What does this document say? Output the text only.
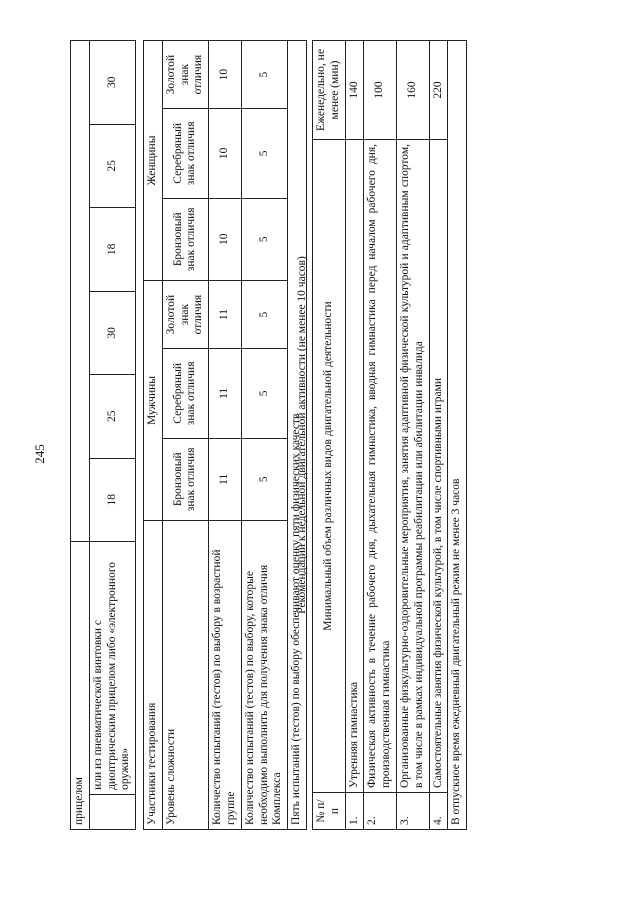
245
прицелом							
	или из пневматической винтовки с диоптрическим прицелом либо «электронного оружия»	18	25	30	18	25	30
Участники тестирования	Мужчины			Женщины		
Уровень сложности	Бронзовый знак отличия	Серебряный знак отличия	Золотой знак отличия	Бронзовый знак отличия	Серебряный знак отличия	Золотой знак отличия
Количество испытаний (тестов) по выбору в возрастной группе	11	11	11	10	10	10
Количество испытаний (тестов) по выбору, которые необходимо выполнить для получения знака отличия Комплекса	5	5	5	5	5	5
Пять испытаний (тестов) по выбору обеспечивают оценку пяти физических качеств						
Рекомендации к недельной двигательной активности (не менее 10 часов)
№ п/п	Минимальный объем различных видов двигательной деятельности	Еженедельно, не менее (мин)
1.	Утренняя гимнастика	140
2.	Физическая активность в течение рабочего дня, дыхательная гимнастика, вводная гимнастика перед началом рабочего дня, производственная гимнастика	100
3.	Организованные физкультурно-оздоровительные мероприятия, занятия адаптивной физической культурой и адаптивным спортом, в том числе в рамках индивидуальной программы реабилитации или абилитации инвалида	160
4.	Самостоятельные занятия физической культурой, в том числе спортивными играми	220
В отпускное время ежедневный двигательный режим не менее 3 часов		
